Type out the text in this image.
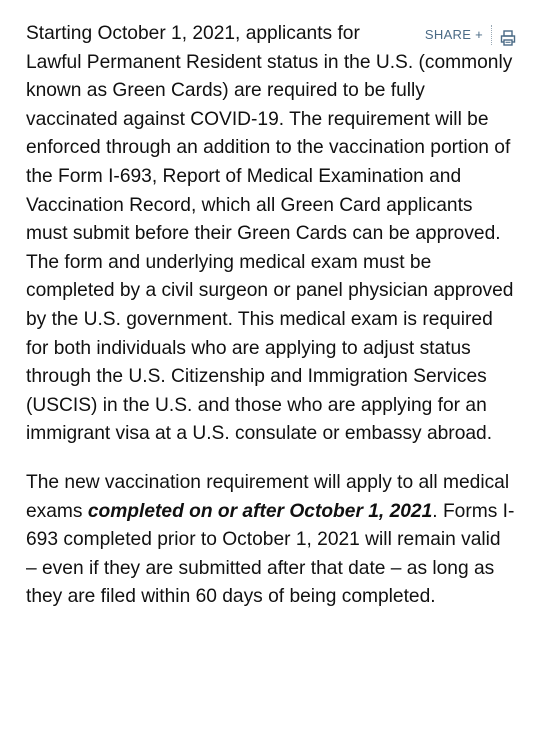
SHARE +

Starting October 1, 2021, applicants for Lawful Permanent Resident status in the U.S. (commonly known as Green Cards) are required to be fully vaccinated against COVID-19. The requirement will be enforced through an addition to the vaccination portion of the Form I-693, Report of Medical Examination and Vaccination Record, which all Green Card applicants must submit before their Green Cards can be approved. The form and underlying medical exam must be completed by a civil surgeon or panel physician approved by the U.S. government. This medical exam is required for both individuals who are applying to adjust status through the U.S. Citizenship and Immigration Services (USCIS) in the U.S. and those who are applying for an immigrant visa at a U.S. consulate or embassy abroad.

The new vaccination requirement will apply to all medical exams completed on or after October 1, 2021. Forms I-693 completed prior to October 1, 2021 will remain valid – even if they are submitted after that date – as long as they are filed within 60 days of being completed.
